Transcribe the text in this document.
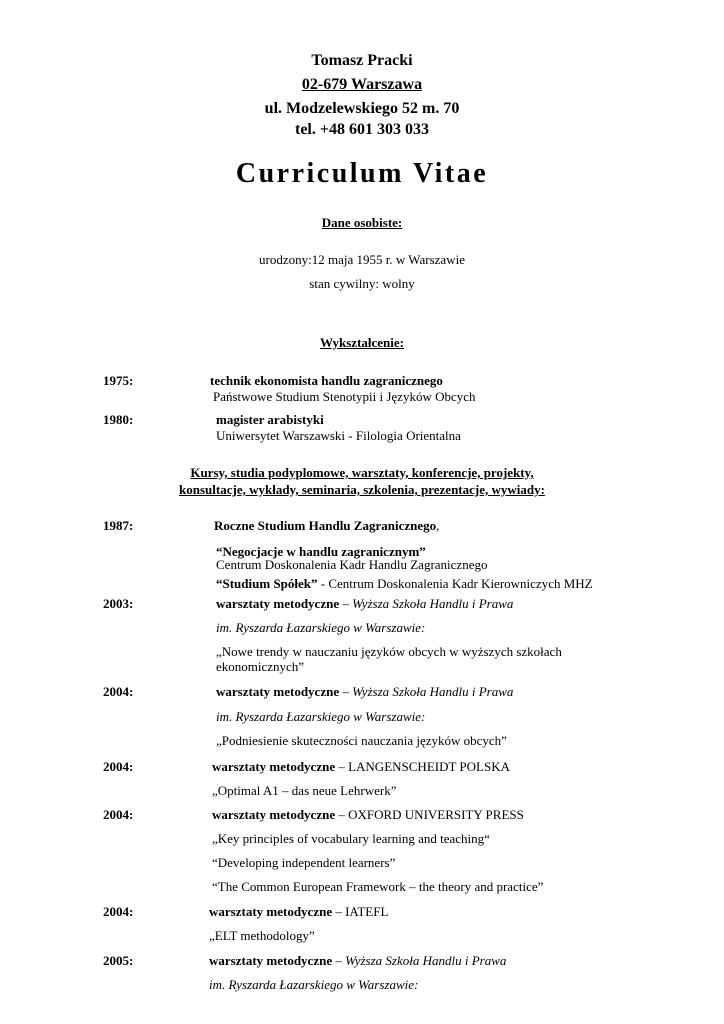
Tomasz Pracki
02-679 Warszawa
ul. Modzelewskiego 52 m. 70
tel. +48 601 303 033
Curriculum Vitae
Dane osobiste:
urodzony:12 maja 1955 r. w Warszawie
stan cywilny: wolny
Wykształcenie:
1975:	technik ekonomista handlu zagranicznego
Państwowe Studium Stenotypii i Języków Obcych
1980:	magister arabistyki
Uniwersytet Warszawski - Filologia Orientalna
Kursy, studia podyplomowe, warsztaty, konferencje, projekty,
konsultacje, wykłady, seminaria, szkolenia, prezentacje, wywiady:
1987:	Roczne Studium Handlu Zagranicznego,
“Negocjacje w handlu zagranicznym”
Centrum Doskonalenia Kadr Handlu Zagranicznego
“Studium Spółek” - Centrum Doskonalenia Kadr Kierowniczych MHZ
2003:	warsztaty metodyczne – Wyższa Szkoła Handlu i Prawa
im. Ryszarda Łazarskiego w Warszawie:
„Nowe trendy w nauczaniu języków obcych w wyższych szkołach
ekonomicznych”
2004:	warsztaty metodyczne – Wyższa Szkoła Handlu i Prawa
im. Ryszarda Łazarskiego w Warszawie:
„Podniesienie skuteczności nauczania języków obcych”
2004:	warsztaty metodyczne – LANGENSCHEIDT POLSKA
„Optimal A1 – das neue Lehrwerk”
2004:	warsztaty metodyczne – OXFORD UNIVERSITY PRESS
„Key principles of vocabulary learning and teaching“
“Developing independent learners”
“The Common European Framework – the theory and practice”
2004:	warsztaty metodyczne – IATEFL
„ELT methodology”
2005:	warsztaty metodyczne – Wyższa Szkoła Handlu i Prawa
im. Ryszarda Łazarskiego w Warszawie:
